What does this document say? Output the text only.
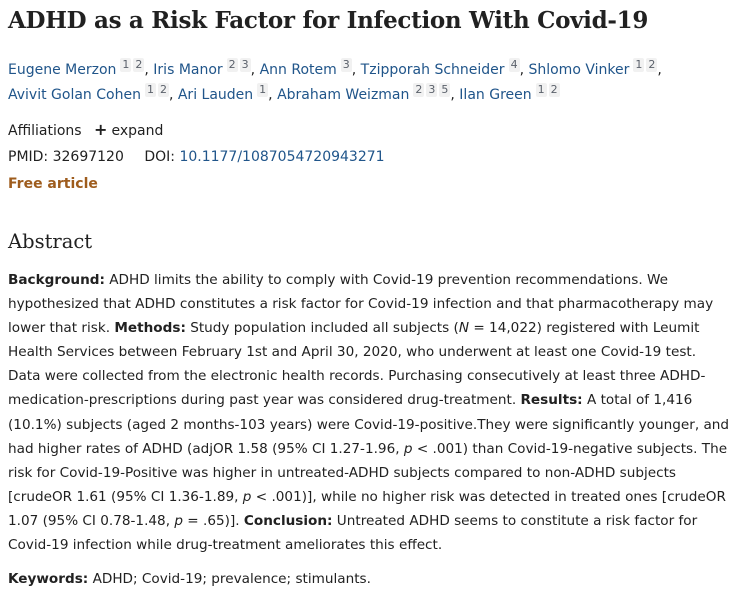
ADHD as a Risk Factor for Infection With Covid-19
Eugene Merzon 1 2 , Iris Manor 2 3 , Ann Rotem 3 , Tzipporah Schneider 4 , Shlomo Vinker 1 2 ,
Avivit Golan Cohen 1 2 , Ari Lauden 1 , Abraham Weizman 2 3 5 , Ilan Green 1 2
Affiliations + expand
PMID: 32697120 DOI: 10.1177/1087054720943271
Free article
Abstract
Background: ADHD limits the ability to comply with Covid-19 prevention recommendations. We hypothesized that ADHD constitutes a risk factor for Covid-19 infection and that pharmacotherapy may lower that risk. Methods: Study population included all subjects (N = 14,022) registered with Leumit Health Services between February 1st and April 30, 2020, who underwent at least one Covid-19 test. Data were collected from the electronic health records. Purchasing consecutively at least three ADHD-medication-prescriptions during past year was considered drug-treatment. Results: A total of 1,416 (10.1%) subjects (aged 2 months-103 years) were Covid-19-positive.They were significantly younger, and had higher rates of ADHD (adjOR 1.58 (95% CI 1.27-1.96, p < .001) than Covid-19-negative subjects. The risk for Covid-19-Positive was higher in untreated-ADHD subjects compared to non-ADHD subjects [crudeOR 1.61 (95% CI 1.36-1.89, p < .001)], while no higher risk was detected in treated ones [crudeOR 1.07 (95% CI 0.78-1.48, p = .65)]. Conclusion: Untreated ADHD seems to constitute a risk factor for Covid-19 infection while drug-treatment ameliorates this effect.
Keywords: ADHD; Covid-19; prevalence; stimulants.
